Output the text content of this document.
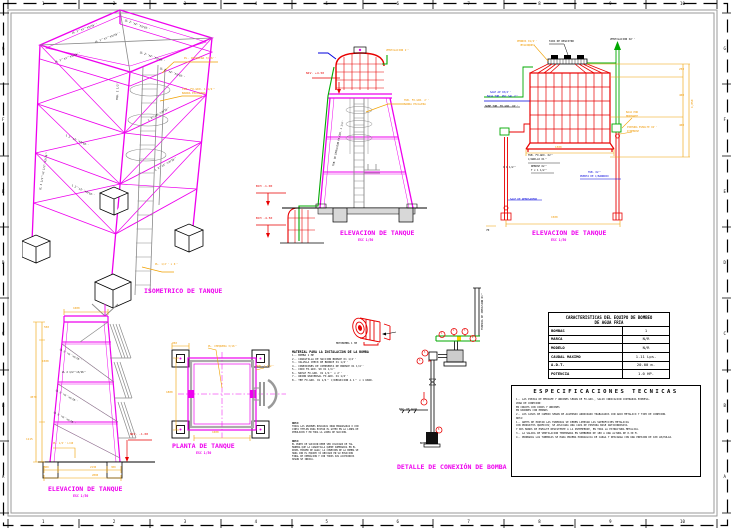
MATERIAL PARA LA INSTALACION DE LA BOMBA
1.- BOMBA 1 HP
2.- CANASTILLA DE SUCCION BRONCE O1 1/4''
3.- VALVULA CHECK DE BRONCE O1 1/4''
4.- CONEXIONES DE COMPUERTA DE BRONCE O1 1/4''
5.- CODO FO.GDO. 90 O1 1/4''
6.- NIPLE FO.GDO. O1 1/4'' x 2''
7.- UNION UNIVERSAL FO.GDO. O1 1/4''
8.- TEE FO.GDO. O1 1/4'' C/REDUCCION A 1'' x 1 UNID.
NOTA:
TODAS LAS UNIONES ROSCADAS IRAN ENGRASADAS O CON
CINTA TEFLON PARA EVITAR EL GOTEO EN LA LINEA DE
IMPULSION Y EN TODA LA LINEA DE SUCCION.
NOTA:
EL PUNTO DE SUCCION DEBE SER COLOCADO DE TAL
MANERA QUE LA CANASTILLA QUEDE SUMERGIDA EN EL
NIVEL MINIMO DE AGUA; LA CONEXION DE LA BOMBA SE
HARA CON EL EQUIPO YA UBICADO EN SU POSICION
FINAL DE OPERACION Y CON TODOS SUS ACCESORIOS
SEGUN SE INDICA.
CARACTERISTICAS DEL EQUIPO DE BOMBEO
DE AGUA FRIA
BOMBAS	1
MARCA	N/R
MODELO	N/R
CAUDAL MAXIMO	1.11 Lps.
A.D.T.	20.00 m.
POTENCIA	1.0 HP.
ESPECIFICACIONES TECNICAS
1.- LAS PIEZAS DE EMPALME Y UNIONES SERAN DE FO.GDO., SALVO INDICACION CONTRARIA EXPRESA.
ZONA DE CONEXION:
EN CRUCES CON CODOS Y UNIONES
EN UNIONES CON PERNOS
2.- LOS CASOS DE CAMBIO SERAN DE ALUMINIO ANODIZADO TRABAJADOS CON ARCO METALICO Y TIPO DE CONEXION.
NOTA:
1.- ANTES DE PINTAR LAS TUBERIAS SE DEBEN LIMPIAR LAS SUPERFICIES METALICAS
CON PRODUCTOS QUIMICOS; SE APLICARA UNA CAPA DE PINTURA BASE ANTICORROSIVA
Y DOS MANOS DE ESMALTE RESISTENTE A LA INTEMPERIE, EN TODA LA ESTRUCTURA METALICA.
3.- LA SALIDA DE VENTILACION TERMINARA EN SOMBRERO DE 180 A UNA ALTURA DE 0.30 M.
4.- PROBADAS LAS TUBERIAS SE HARA PRUEBA HIDRAULICA DE CARGA Y DESCARGA CON UNA PRESION DE 100 LB/PULG2.
2L 2''x2''x3/16''	2L 2''x2''x3/16''
2L 2''x2''x3/16''	2L 2''x2''x3/16''
2L 2''x2''x3/16''
2L 2''x2''x3/16''
2L 2 1/2''x2 1/2''x3/16''
L 2''x2''x3/16''
L 2''x2''x3/16''
L 2''x2''x3/16''
L 2''x2''x3/16''
TUB. 2 1/2''
PL. CHEQUERA 3/16''
TUB. FO.GDO. 1 1/2''
BARRA ESCALERA
PL. 1/2'' x 6''
ISOMETRICO DE TANQUE
NIV. +4.50
BCH -1.00
BCH -4.50
TUB. DE IMPULSION FO.GDO. 1 1/4''
TUB. FO.GDO. 2''
BARRA ESCALERA
VENTILACION 2''
ELEVACION DE TANQUE
ESC 1/50
PERNOS O1/2''
T x 3/4''
TAPA DE REGISTRO
VENTILACION O2''
SALE AP O3/4''
BAJA TUB. PVC SAL 2''
SUBE TUB. FO.GDO. O2''
BAJA POR
MONTANTE
PINTURA ESMALTE O2''
P/REBOSE
O 1 1/2''
TUB. FO.GDO. O2''
C/ANILLO O1''
REBOSE O2''
T x 1 1/2''
TUB. O2''
PUERTA DE C/BARRIDO
SALE DE REBOSADERO
250
400
400
1,050
1300
1500
70	ELEVACION DE TANQUE
ESC 1/50
1000
550
1500
4570
1115
2L 2''x2''x3/16''
2L 2 1/2''x3/16''
2L 2''x2''x3/16''
2L 2''x2''x3/16''
NIV. -1.00
PL. 1/2'' L=40
300	2130	300
2800
ELEVACION DE TANQUE
ESC 1/50
350
PL. CHEQUERA 3/16''
TUB. 1 1/2''
1800
1000
PLANTA DE TANQUE
ESC 1/50
MOTOBOMBA 1 HP
TUBERIA DE IMPULSION O1''
NIV. DE AGUA
BOMBA
DETALLE DE CONEXIÓN DE BOMBA
1
2	3
4
5
6
7
8
1	2	3	4	5	6	7	8	9	10
1	2	3	4	5	6	7	8	9	10
G
F
E
D
C
B
A
G
F
E
D
C
B
A
